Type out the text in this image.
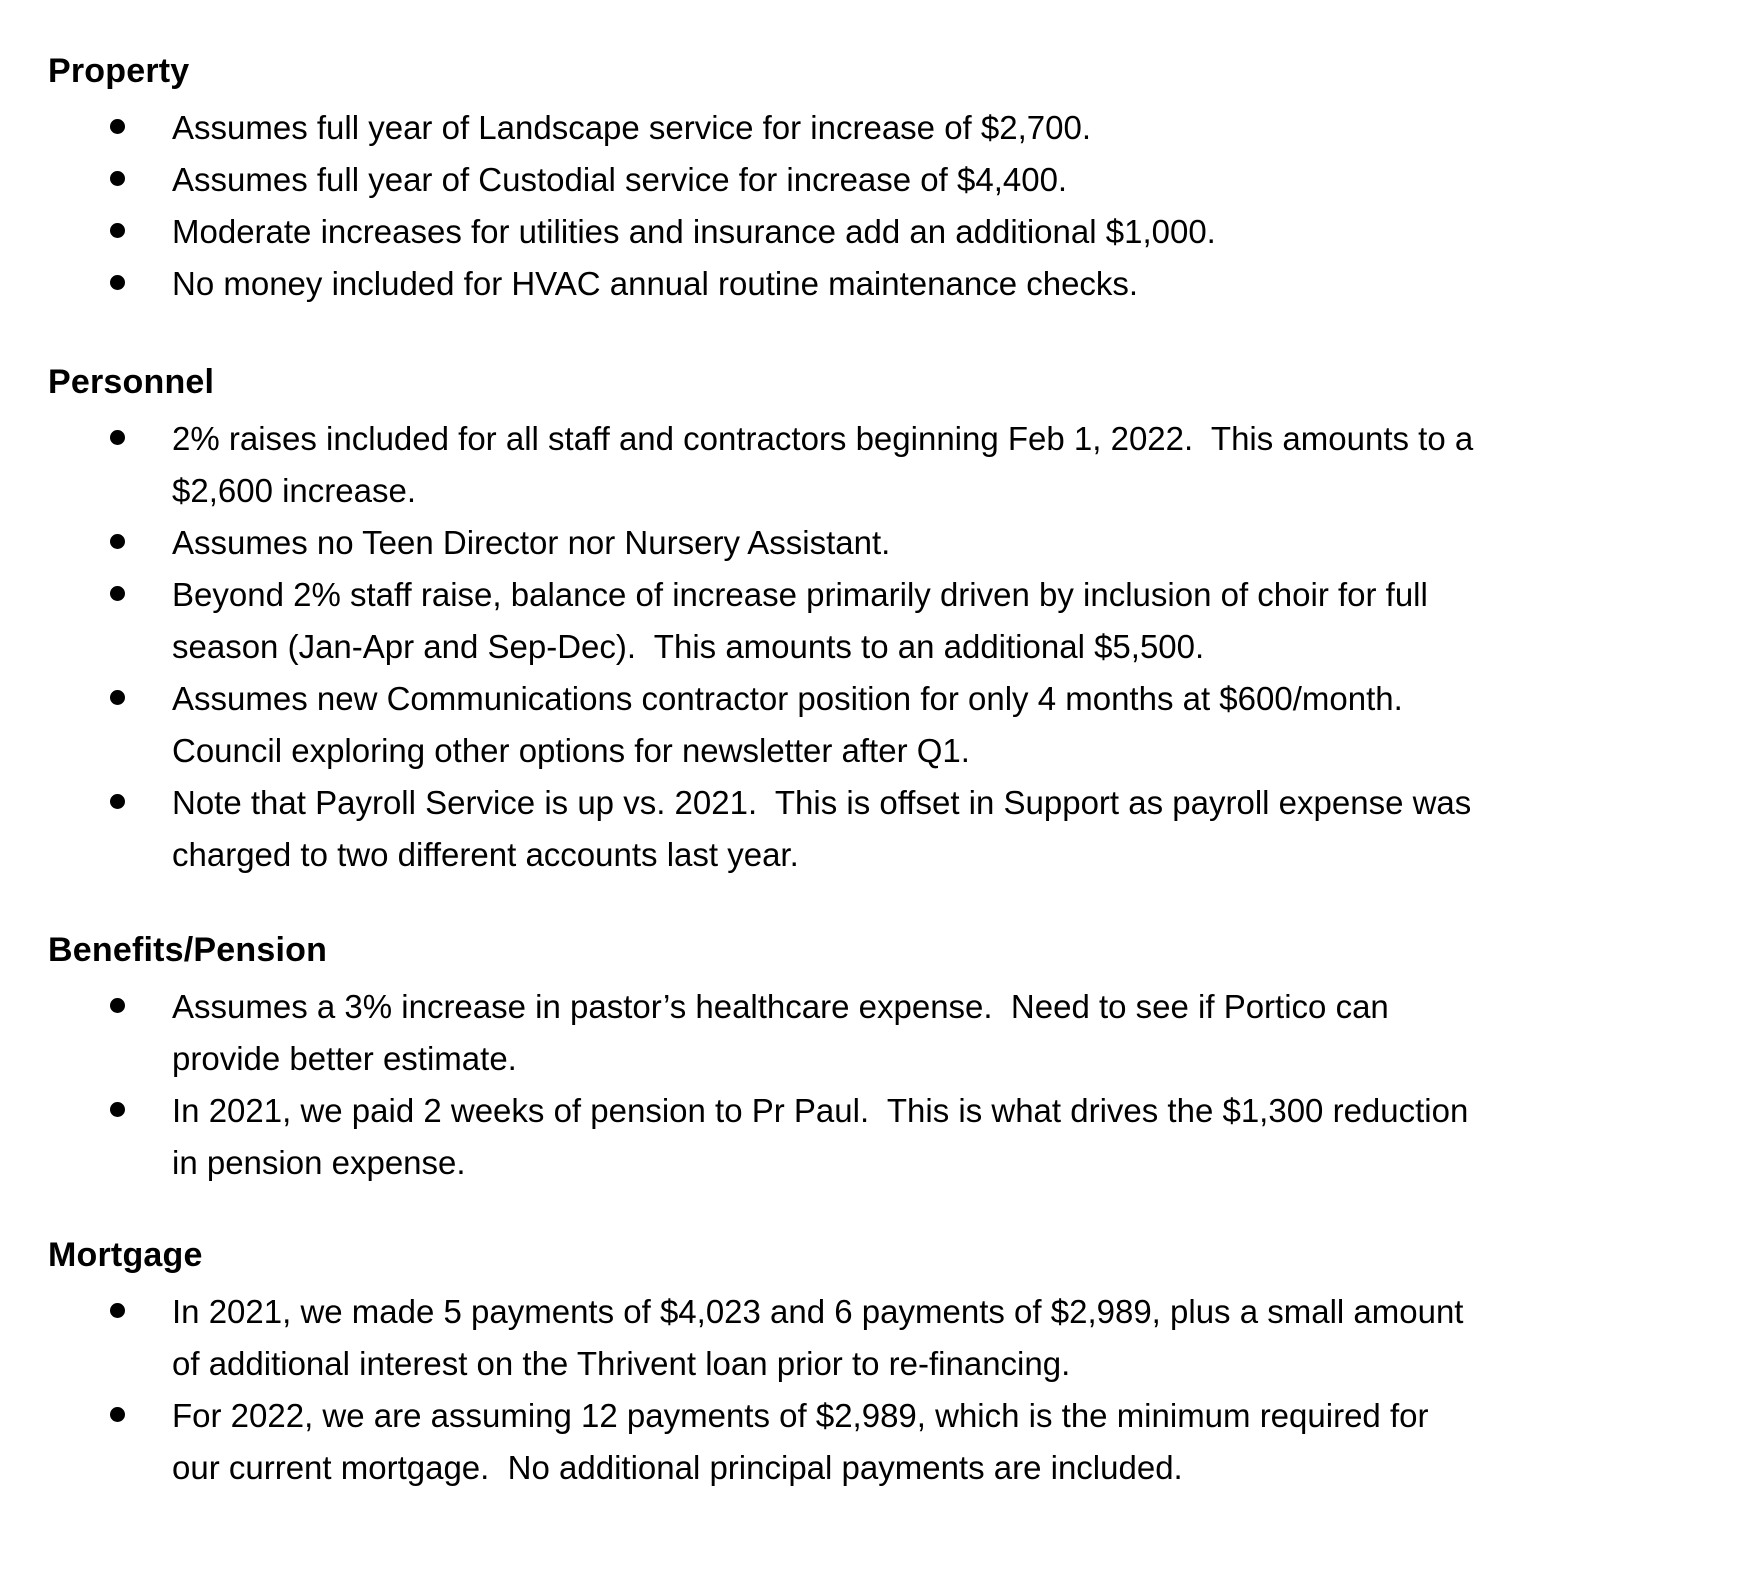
Property
Assumes full year of Landscape service for increase of $2,700.
Assumes full year of Custodial service for increase of $4,400.
Moderate increases for utilities and insurance add an additional $1,000.
No money included for HVAC annual routine maintenance checks.
Personnel
2% raises included for all staff and contractors beginning Feb 1, 2022.  This amounts to a
$2,600 increase.
Assumes no Teen Director nor Nursery Assistant.
Beyond 2% staff raise, balance of increase primarily driven by inclusion of choir for full
season (Jan-Apr and Sep-Dec).  This amounts to an additional $5,500.
Assumes new Communications contractor position for only 4 months at $600/month.
Council exploring other options for newsletter after Q1.
Note that Payroll Service is up vs. 2021.  This is offset in Support as payroll expense was
charged to two different accounts last year.
Benefits/Pension
Assumes a 3% increase in pastor’s healthcare expense.  Need to see if Portico can
provide better estimate.
In 2021, we paid 2 weeks of pension to Pr Paul.  This is what drives the $1,300 reduction
in pension expense.
Mortgage
In 2021, we made 5 payments of $4,023 and 6 payments of $2,989, plus a small amount
of additional interest on the Thrivent loan prior to re-financing.
For 2022, we are assuming 12 payments of $2,989, which is the minimum required for
our current mortgage.  No additional principal payments are included.
